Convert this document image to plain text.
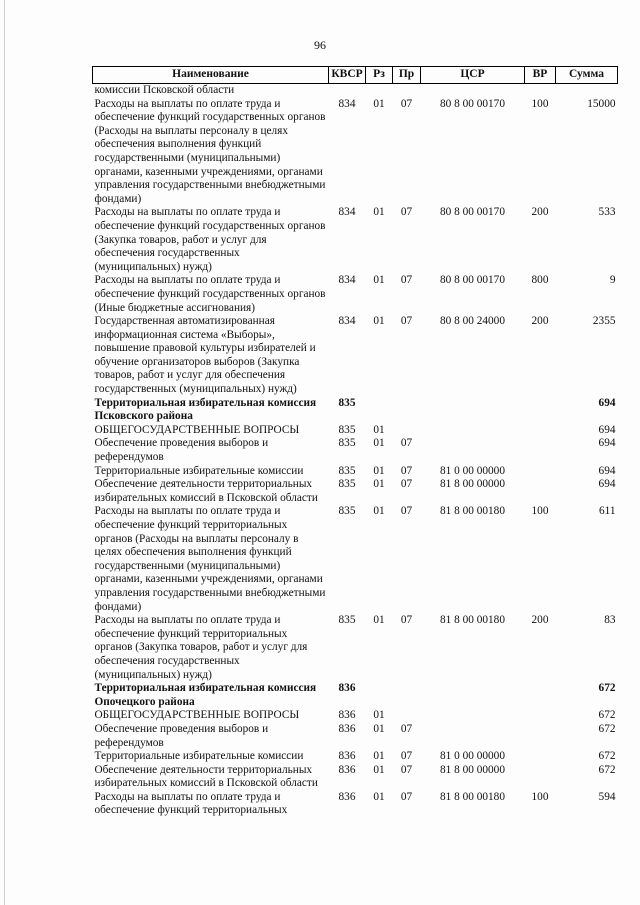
96
Наименование	КВСР	Рз	Пр	ЦСР	ВР	Сумма
комиссии Псковской области						
Расходы на выплаты по оплате труда и обеспечение функций государственных органов (Расходы на выплаты персоналу в целях обеспечения выполнения функций государственными (муниципальными) органами, казенными учреждениями, органами управления государственными внебюджетными фондами)	834	01	07	80 8 00 00170	100	15000
Расходы на выплаты по оплате труда и обеспечение функций государственных органов (Закупка товаров, работ и услуг для обеспечения государственных (муниципальных) нужд)	834	01	07	80 8 00 00170	200	533
Расходы на выплаты по оплате труда и обеспечение функций государственных органов (Иные бюджетные ассигнования)	834	01	07	80 8 00 00170	800	9
Государственная автоматизированная информационная система «Выборы», повышение правовой культуры избирателей и обучение организаторов выборов (Закупка товаров, работ и услуг для обеспечения государственных (муниципальных) нужд)	834	01	07	80 8 00 24000	200	2355
Территориальная избирательная комиссия Псковского района	835					694
ОБЩЕГОСУДАРСТВЕННЫЕ ВОПРОСЫ	835	01				694
Обеспечение проведения выборов и референдумов	835	01	07			694
Территориальные избирательные комиссии	835	01	07	81 0 00 00000		694
Обеспечение деятельности территориальных избирательных комиссий в Псковской области	835	01	07	81 8 00 00000		694
Расходы на выплаты по оплате труда и обеспечение функций территориальных органов (Расходы на выплаты персоналу в целях обеспечения выполнения функций государственными (муниципальными) органами, казенными учреждениями, органами управления государственными внебюджетными фондами)	835	01	07	81 8 00 00180	100	611
Расходы на выплаты по оплате труда и обеспечение функций территориальных органов (Закупка товаров, работ и услуг для обеспечения государственных (муниципальных) нужд)	835	01	07	81 8 00 00180	200	83
Территориальная избирательная комиссия Опочецкого района	836					672
ОБЩЕГОСУДАРСТВЕННЫЕ ВОПРОСЫ	836	01				672
Обеспечение проведения выборов и референдумов	836	01	07			672
Территориальные избирательные комиссии	836	01	07	81 0 00 00000		672
Обеспечение деятельности территориальных избирательных комиссий в Псковской области	836	01	07	81 8 00 00000		672
Расходы на выплаты по оплате труда и обеспечение функций территориальных	836	01	07	81 8 00 00180	100	594
